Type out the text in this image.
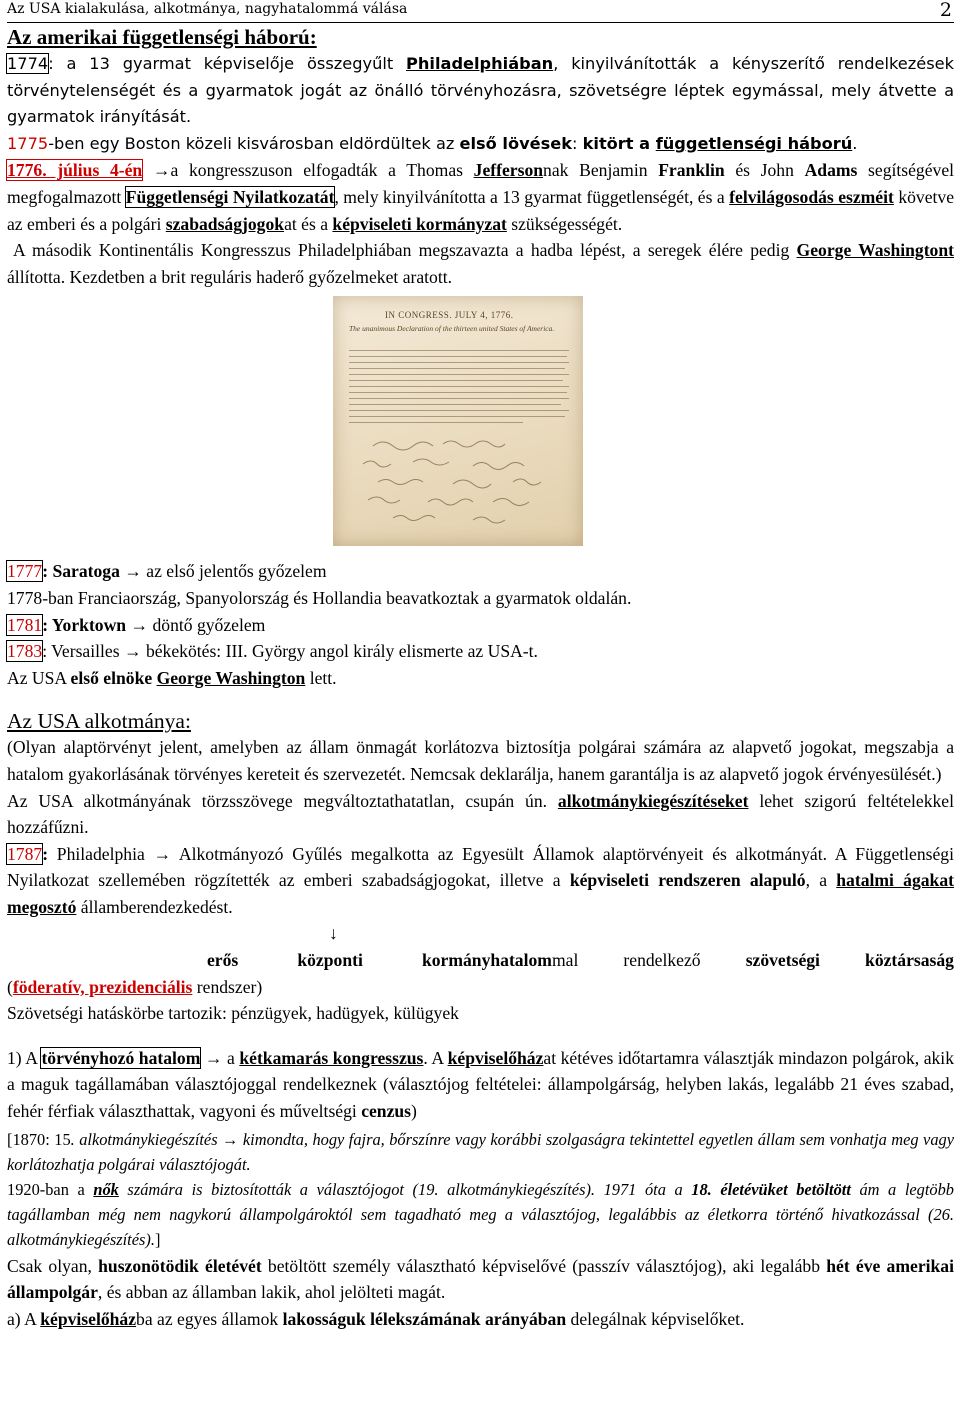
Az USA kialakulása, alkotmánya, nagyhatalommá válása	2
Az amerikai függetlenségi háború:

1774: a 13 gyarmat képviselője összegyűlt Philadelphiában, kinyilvánították a kényszerítő rendelkezések törvénytelenségét és a gyarmatok jogát az önálló törvényhozásra, szövetségre léptek egymással, mely átvette a gyarmatok irányítását.

1775-ben egy Boston közeli kisvárosban eldördültek az első lövések: kitört a függetlenségi háború.

1776. július 4-én →a kongresszuson elfogadták a Thomas Jeffersonnak Benjamin Franklin és John Adams segítségével megfogalmazott Függetlenségi Nyilatkozatát, mely kinyilvánította a 13 gyarmat függetlenségét, és a felvilágosodás eszméit követve az emberi és a polgári szabadságjogokat és a képviseleti kormányzat szükségességét.

A második Kontinentális Kongresszus Philadelphiában megszavazta a hadba lépést, a seregek élére pedig George Washingtont állította. Kezdetben a brit reguláris haderő győzelmeket aratott.

IN CONGRESS. JULY 4, 1776.
The unanimous Declaration of the thirteen united States of America.

1777: Saratoga → az első jelentős győzelem

1778-ban Franciaország, Spanyolország és Hollandia beavatkoztak a gyarmatok oldalán.

1781: Yorktown → döntő győzelem

1783: Versailles → békekötés: III. György angol király elismerte az USA-t.

Az USA első elnöke George Washington lett.

Az USA alkotmánya:

(Olyan alaptörvényt jelent, amelyben az állam önmagát korlátozva biztosítja polgárai számára az alapvető jogokat, megszabja a hatalom gyakorlásának törvényes kereteit és szervezetét. Nemcsak deklarálja, hanem garantálja is az alapvető jogok érvényesülését.)

Az USA alkotmányának törzsszövege megváltoztathatatlan, csupán ún. alkotmánykiegészítéseket lehet szigorú feltételekkel hozzáfűzni.

1787: Philadelphia → Alkotmányozó Gyűlés megalkotta az Egyesült Államok alaptörvényeit és alkotmányát. A Függetlenségi Nyilatkozat szellemében rögzítették az emberi szabadságjogokat, illetve a képviseleti rendszeren alapuló, a hatalmi ágakat megosztó államberendezkedést.

↓

erős központi kormányhatalommal rendelkező szövetségi köztársaság

(föderatív, prezidenciális rendszer)

Szövetségi hatáskörbe tartozik: pénzügyek, hadügyek, külügyek

1) A törvényhozó hatalom → a kétkamarás kongresszus. A képviselőházat kétéves időtartamra választják mindazon polgárok, akik a maguk tagállamában választójoggal rendelkeznek (választójog feltételei: állampolgárság, helyben lakás, legalább 21 éves szabad, fehér férfiak választhattak, vagyoni és műveltségi cenzus)

[1870: 15. alkotmánykiegészítés → kimondta, hogy fajra, bőrszínre vagy korábbi szolgaságra tekintettel egyetlen állam sem vonhatja meg vagy korlátozhatja polgárai választójogát.

1920-ban a nők számára is biztosították a választójogot (19. alkotmánykiegészítés). 1971 óta a 18. életévüket betöltött ám a legtöbb tagállamban még nem nagykorú állampolgároktól sem tagadható meg a választójog, legalábbis az életkorra történő hivatkozással (26. alkotmánykiegészítés).]

Csak olyan, huszonötödik életévét betöltött személy választható képviselővé (passzív választójog), aki legalább hét éve amerikai állampolgár, és abban az államban lakik, ahol jelölteti magát.

a) A képviselőházba az egyes államok lakosságuk lélekszámának arányában delegálnak képviselőket.
